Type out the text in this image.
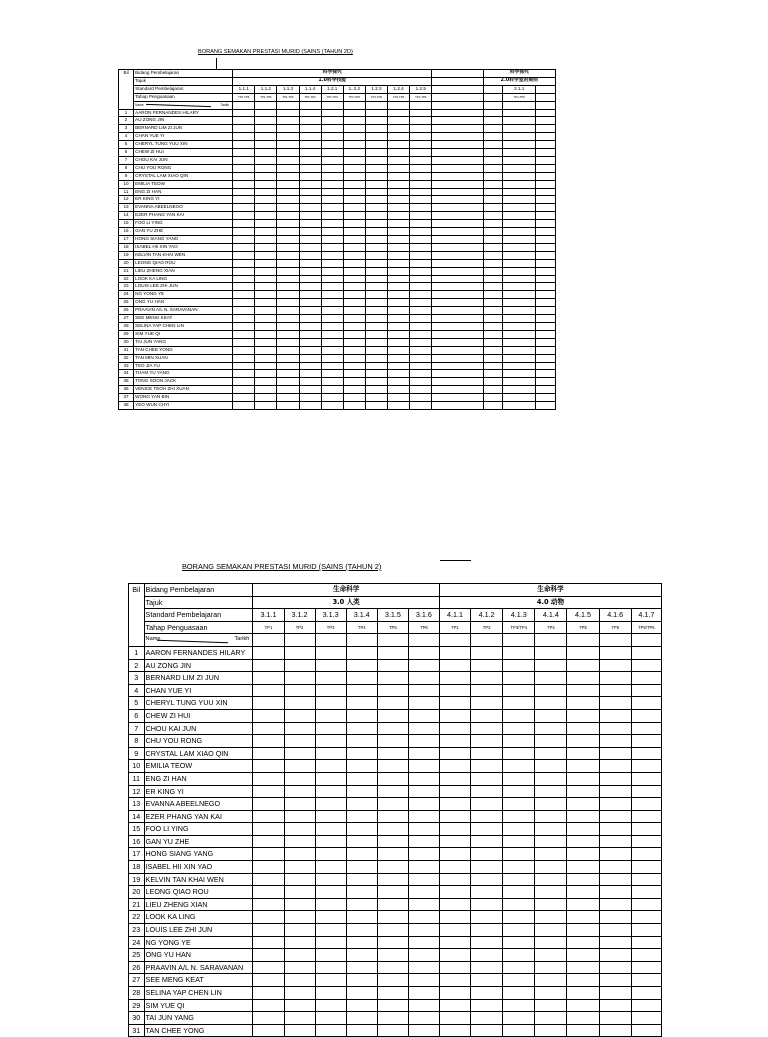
BORANG SEMAKAN PRESTASI MURID (SAINS (TAHUN 2D)
Bil	Bidang Pembelajaran	科学探究										科学探究		
	Tajuk	1.0科学技能										2.0科学室的规则		
	Standard Pembelajaran	1.1.1	1.1.2	1.1.3	1.1.4	1.2.1	1..2.2	1.2.3	1.2.4	1.2.5			2.1.1	
	Tahap Penguasaan	TP1-TP6	TP1-TP6	TP1-TP6	TP1-TP6	TP1-TP6	TP1-TP6	TP1-TP6	TP1-TP6	TP1-TP6			TP1-TP6	

	Name Tarikh													

1	AARON FERNANDES HILARY													
2	AU ZONG JIN													
3	BERNARD LIM ZI JUN													
4	CHAN YUE YI													
5	CHERYL TUNG YUU XIN													
6	CHEW ZI HUI													
7	CHOU KAI JUN													
8	CHU YOU RONG													
9	CRYSTAL LAM XIAO QIN													
10	EMILIA TEOW													
11	ENG ZI HAN													
12	ER KING YI													
13	EVANNA ABEELNEGO													
14	EZER PHANG YAN KAI													
15	FOO LI YING													
16	GAN YU ZHE													
17	HONG SIANG YANG													
18	ISABEL HII XIN YAO													
19	KELVIN TAN KHAI WEN													
20	LEONG QIAO ROU													
21	LIEU ZHENG XIAN													
22	LOOK KA LING													
23	LOUIS LEE ZHI JUN													
24	NG YONG YE													
25	ONG YU HAN													
26	PRAAVIN A/L N. SARAVANAN													
27	SEE MENG KEAT													
28	SELINA YAP CHEN LIN													
29	SIM YUE QI													
30	TAI JUN YANG													
31	TAN CHEE YONG													
32	TAN MIN XUAN													
33	TEO JIA YU													
34	THAM YU YANG													
35	TONG SOON JACK													
36	VENICE TEOH ZHI XUAN													
37	WONG YAN BIN													
38	YEO WUN CHYI													
BORANG SEMAKAN PRESTASI MURID (SAINS (TAHUN 2)
Bil	Bidang Pembelajaran	生命科学						生命科学						
	Tajuk	3.0 人类						4.0 动物						
	Standard Pembelajaran	3.1.1	3.1.2	3.1.3	3.1.4	3.1.5	3.1.6	4.1.1	4.1.2	4.1.3	4.1.4	4.1.5	4.1.6	4.1.7
	Tahap Penguasaan	TP1	TP2	TP3	TP4	TP5	TP6	TP1	TP2	TP3/TP4	TP4	TP5	TP5	TP5/TP6

	Name Tarikh													

1	AARON FERNANDES HILARY													
2	AU ZONG JIN													
3	BERNARD LIM ZI JUN													
4	CHAN YUE YI													
5	CHERYL TUNG YUU XIN													
6	CHEW ZI HUI													
7	CHOU KAI JUN													
8	CHU YOU RONG													
9	CRYSTAL LAM XIAO QIN													
10	EMILIA TEOW													
11	ENG ZI HAN													
12	ER KING YI													
13	EVANNA ABEELNEGO													
14	EZER PHANG YAN KAI													
15	FOO LI YING													
16	GAN YU ZHE													
17	HONG SIANG YANG													
18	ISABEL HII XIN YAO													
19	KELVIN TAN KHAI WEN													
20	LEONG QIAO ROU													
21	LIEU ZHENG XIAN													
22	LOOK KA LING													
23	LOUIS LEE ZHI JUN													
24	NG YONG YE													
25	ONG YU HAN													
26	PRAAVIN A/L N. SARAVANAN													
27	SEE MENG KEAT													
28	SELINA YAP CHEN LIN													
29	SIM YUE QI													
30	TAI JUN YANG													
31	TAN CHEE YONG													
